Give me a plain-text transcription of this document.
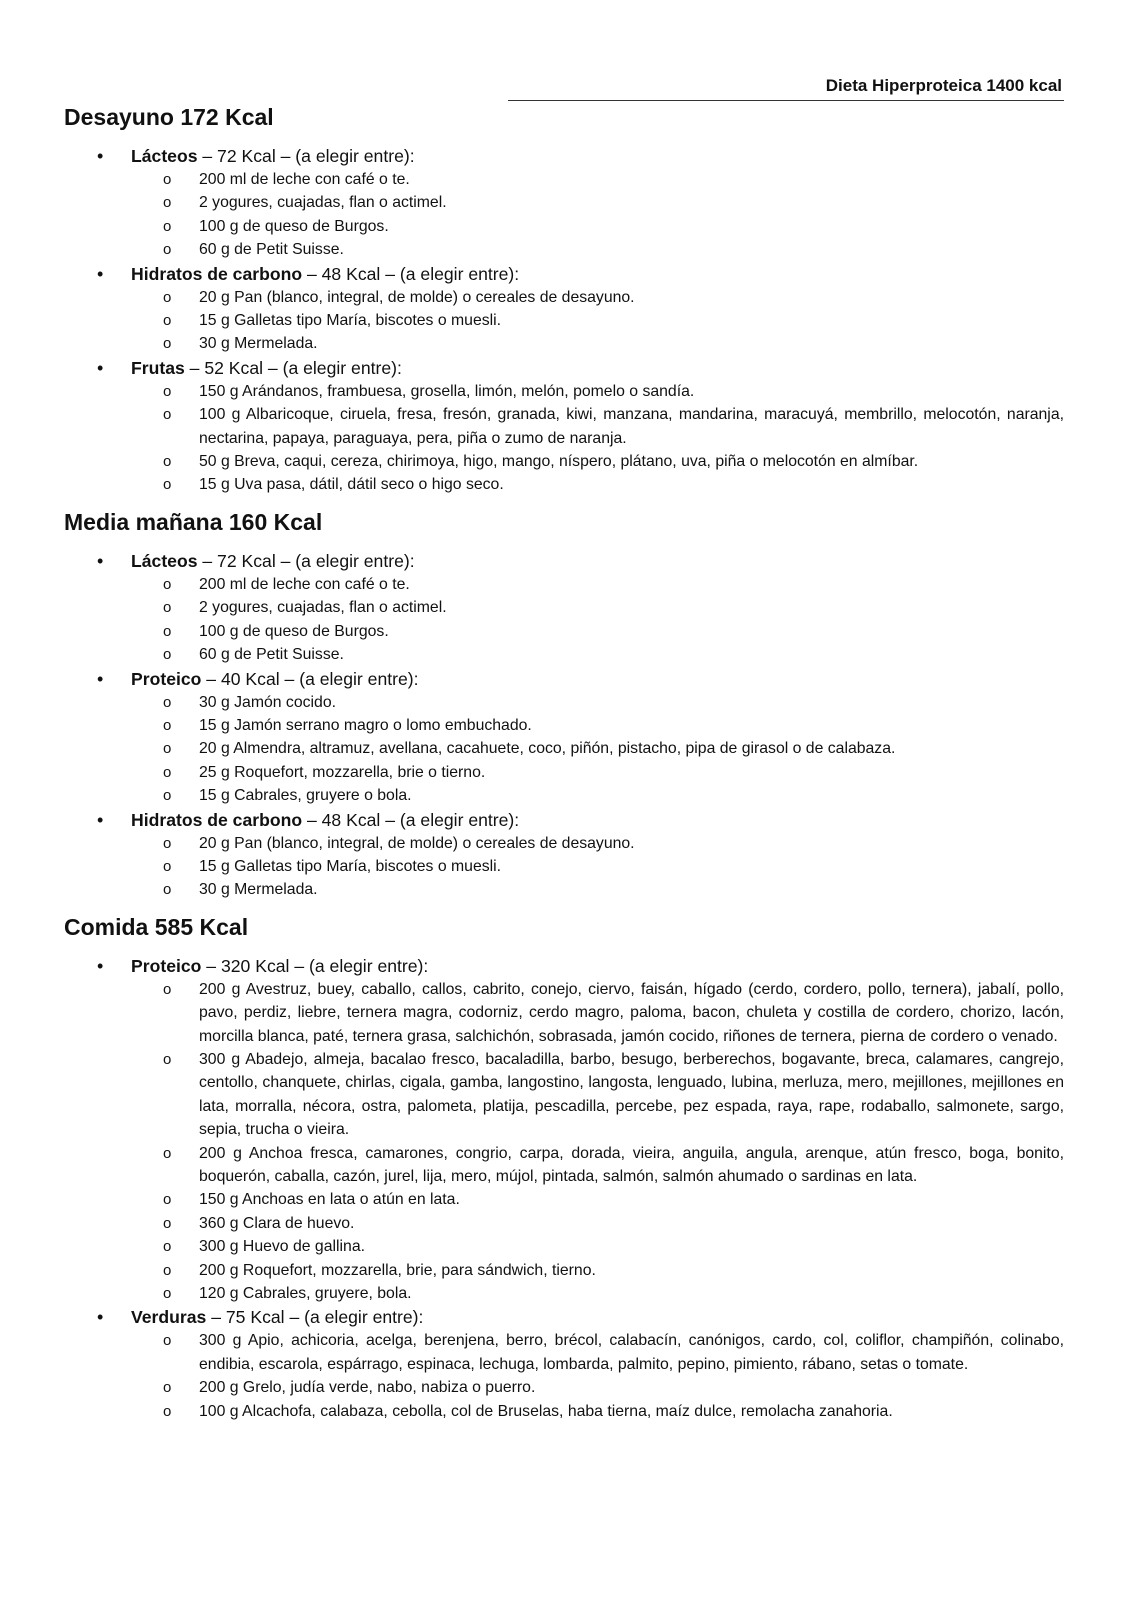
Dieta Hiperproteica 1400 kcal
Desayuno 172 Kcal
• Lácteos – 72 Kcal – (a elegir entre):
o 200 ml de leche con café o te.
o 2 yogures, cuajadas, flan o actimel.
o 100 g de queso de Burgos.
o 60 g de Petit Suisse.
• Hidratos de carbono – 48 Kcal – (a elegir entre):
o 20 g Pan (blanco, integral, de molde) o cereales de desayuno.
o 15 g Galletas tipo María, biscotes o muesli.
o 30 g Mermelada.
• Frutas – 52 Kcal – (a elegir entre):
o 150 g Arándanos, frambuesa, grosella, limón, melón, pomelo o sandía.
o 100 g Albaricoque, ciruela, fresa, fresón, granada, kiwi, manzana, mandarina, maracuyá, membrillo, melocotón, naranja, nectarina, papaya, paraguaya, pera, piña o zumo de naranja.
o 50 g Breva, caqui, cereza, chirimoya, higo, mango, níspero, plátano, uva, piña o melocotón en almíbar.
o 15 g Uva pasa, dátil, dátil seco o higo seco.
Media mañana 160 Kcal
• Lácteos – 72 Kcal – (a elegir entre):
o 200 ml de leche con café o te.
o 2 yogures, cuajadas, flan o actimel.
o 100 g de queso de Burgos.
o 60 g de Petit Suisse.
• Proteico – 40 Kcal – (a elegir entre):
o 30 g Jamón cocido.
o 15 g Jamón serrano magro o lomo embuchado.
o 20 g Almendra, altramuz, avellana, cacahuete, coco, piñón, pistacho, pipa de girasol o de calabaza.
o 25 g Roquefort, mozzarella, brie o tierno.
o 15 g Cabrales, gruyere o bola.
• Hidratos de carbono – 48 Kcal – (a elegir entre):
o 20 g Pan (blanco, integral, de molde) o cereales de desayuno.
o 15 g Galletas tipo María, biscotes o muesli.
o 30 g Mermelada.
Comida 585 Kcal
• Proteico – 320 Kcal – (a elegir entre):
o 200 g Avestruz, buey, caballo, callos, cabrito, conejo, ciervo, faisán, hígado (cerdo, cordero, pollo, ternera), jabalí, pollo, pavo, perdiz, liebre, ternera magra, codorniz, cerdo magro, paloma, bacon, chuleta y costilla de cordero, chorizo, lacón, morcilla blanca, paté, ternera grasa, salchichón, sobrasada, jamón cocido, riñones de ternera, pierna de cordero o venado.
o 300 g Abadejo, almeja, bacalao fresco, bacaladilla, barbo, besugo, berberechos, bogavante, breca, calamares, cangrejo, centollo, chanquete, chirlas, cigala, gamba, langostino, langosta, lenguado, lubina, merluza, mero, mejillones, mejillones en lata, morralla, nécora, ostra, palometa, platija, pescadilla, percebe, pez espada, raya, rape, rodaballo, salmonete, sargo, sepia, trucha o vieira.
o 200 g Anchoa fresca, camarones, congrio, carpa, dorada, vieira, anguila, angula, arenque, atún fresco, boga, bonito, boquerón, caballa, cazón, jurel, lija, mero, mújol, pintada, salmón, salmón ahumado o sardinas en lata.
o 150 g Anchoas en lata o atún en lata.
o 360 g Clara de huevo.
o 300 g Huevo de gallina.
o 200 g Roquefort, mozzarella, brie, para sándwich, tierno.
o 120 g Cabrales, gruyere, bola.
• Verduras – 75 Kcal – (a elegir entre):
o 300 g Apio, achicoria, acelga, berenjena, berro, brécol, calabacín, canónigos, cardo, col, coliflor, champiñón, colinabo, endibia, escarola, espárrago, espinaca, lechuga, lombarda, palmito, pepino, pimiento, rábano, setas o tomate.
o 200 g Grelo, judía verde, nabo, nabiza o puerro.
o 100 g Alcachofa, calabaza, cebolla, col de Bruselas, haba tierna, maíz dulce, remolacha zanahoria.
